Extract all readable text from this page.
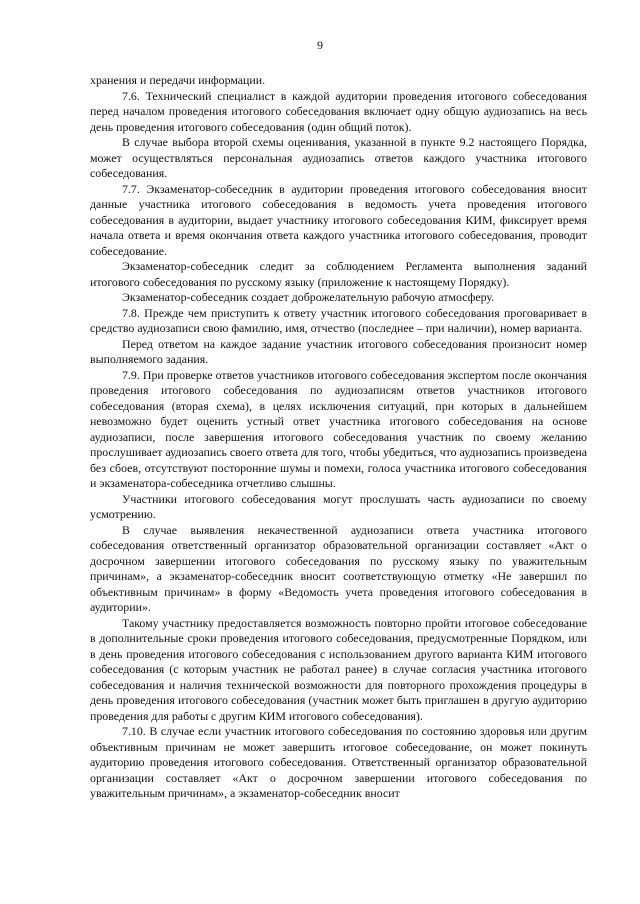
9

хранения и передачи информации.

7.6. Технический специалист в каждой аудитории проведения итогового собеседования перед началом проведения итогового собеседования включает одну общую аудиозапись на весь день проведения итогового собеседования (один общий поток).

В случае выбора второй схемы оценивания, указанной в пункте 9.2 настоящего Порядка, может осуществляться персональная аудиозапись ответов каждого участника итогового собеседования.

7.7. Экзаменатор-собеседник в аудитории проведения итогового собеседования вносит данные участника итогового собеседования в ведомость учета проведения итогового собеседования в аудитории, выдает участнику итогового собеседования КИМ, фиксирует время начала ответа и время окончания ответа каждого участника итогового собеседования, проводит собеседование.

Экзаменатор-собеседник следит за соблюдением Регламента выполнения заданий итогового собеседования по русскому языку (приложение к настоящему Порядку).

Экзаменатор-собеседник создает доброжелательную рабочую атмосферу.

7.8. Прежде чем приступить к ответу участник итогового собеседования проговаривает в средство аудиозаписи свою фамилию, имя, отчество (последнее – при наличии), номер варианта.

Перед ответом на каждое задание участник итогового собеседования произносит номер выполняемого задания.

7.9. При проверке ответов участников итогового собеседования экспертом после окончания проведения итогового собеседования по аудиозаписям ответов участников итогового собеседования (вторая схема), в целях исключения ситуаций, при которых в дальнейшем невозможно будет оценить устный ответ участника итогового собеседования на основе аудиозаписи, после завершения итогового собеседования участник по своему желанию прослушивает аудиозапись своего ответа для того, чтобы убедиться, что аудиозапись произведена без сбоев, отсутствуют посторонние шумы и помехи, голоса участника итогового собеседования и экзаменатора-собеседника отчетливо слышны.

Участники итогового собеседования могут прослушать часть аудиозаписи по своему усмотрению.

В случае выявления некачественной аудиозаписи ответа участника итогового собеседования ответственный организатор образовательной организации составляет «Акт о досрочном завершении итогового собеседования по русскому языку по уважительным причинам», а экзаменатор-собеседник вносит соответствующую отметку «Не завершил по объективным причинам» в форму «Ведомость учета проведения итогового собеседования в аудитории».

Такому участнику предоставляется возможность повторно пройти итоговое собеседование в дополнительные сроки проведения итогового собеседования, предусмотренные Порядком, или в день проведения итогового собеседования с использованием другого варианта КИМ итогового собеседования (с которым участник не работал ранее) в случае согласия участника итогового собеседования и наличия технической возможности для повторного прохождения процедуры в день проведения итогового собеседования (участник может быть приглашен в другую аудиторию проведения для работы с другим КИМ итогового собеседования).

7.10. В случае если участник итогового собеседования по состоянию здоровья или другим объективным причинам не может завершить итоговое собеседование, он может покинуть аудиторию проведения итогового собеседования. Ответственный организатор образовательной организации составляет «Акт о досрочном завершении итогового собеседования по уважительным причинам», а экзаменатор-собеседник вносит
